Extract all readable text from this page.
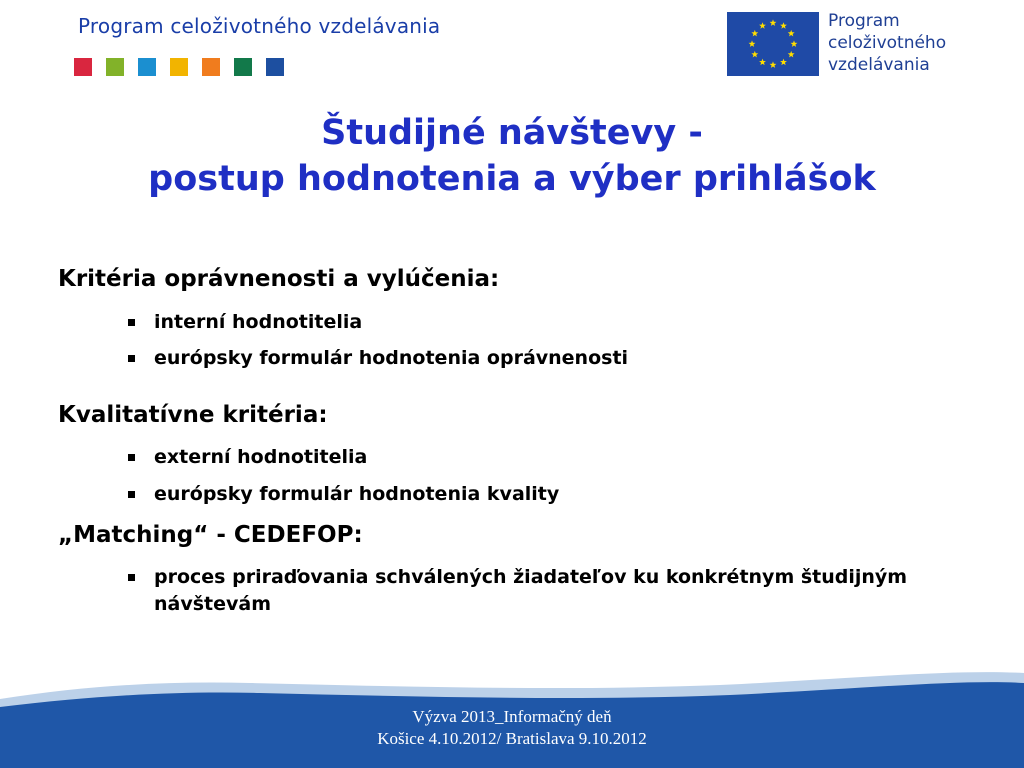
Program celoživotného vzdelávania	Program
celoživotného
vzdelávania
Študijné návštevy -
postup hodnotenia a výber prihlášok
Kritéria oprávnenosti a vylúčenia:
interní hodnotitelia
európsky formulár hodnotenia oprávnenosti
Kvalitatívne kritéria:
externí hodnotitelia
európsky formulár hodnotenia kvality
„Matching“ - CEDEFOP:
proces priraďovania schválených žiadateľov ku konkrétnym študijným návštevám
Výzva 2013_Informačný deň
Košice 4.10.2012/ Bratislava 9.10.2012
